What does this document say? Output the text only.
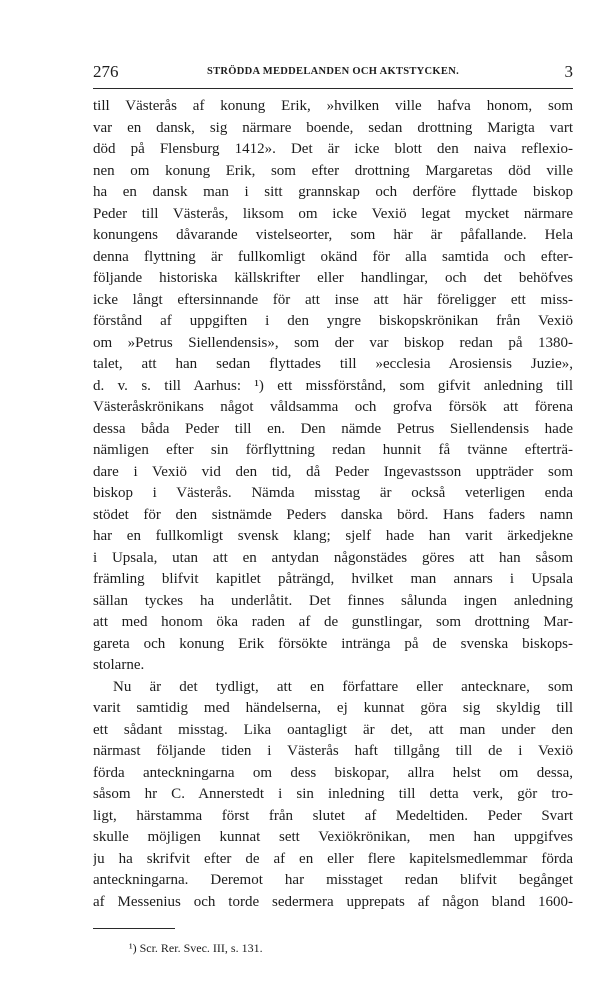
276	STRÖDDA MEDDELANDEN OCH AKTSTYCKEN.	3
till Västerås af konung Erik, »hvilken ville hafva honom, som
var en dansk, sig närmare boende, sedan drottning Marigta vart
död på Flensburg 1412». Det är icke blott den naiva reflexio-
nen om konung Erik, som efter drottning Margaretas död ville
ha en dansk man i sitt grannskap och derföre flyttade biskop
Peder till Västerås, liksom om icke Vexiö legat mycket närmare
konungens dåvarande vistelseorter, som här är påfallande. Hela
denna flyttning är fullkomligt okänd för alla samtida och efter-
följande historiska källskrifter eller handlingar, och det behöfves
icke långt eftersinnande för att inse att här föreligger ett miss-
förstånd af uppgiften i den yngre biskopskrönikan från Vexiö
om »Petrus Siellendensis», som der var biskop redan på 1380-
talet, att han sedan flyttades till »ecclesia Arosiensis Juzie»,
d. v. s. till Aarhus: ¹) ett missförstånd, som gifvit anledning till
Västeråskrönikans något våldsamma och grofva försök att förena
dessa båda Peder till en. Den nämde Petrus Siellendensis hade
nämligen efter sin förflyttning redan hunnit få tvänne efterträ-
dare i Vexiö vid den tid, då Peder Ingevastsson uppträder som
biskop i Västerås. Nämda misstag är också veterligen enda
stödet för den sistnämde Peders danska börd. Hans faders namn
har en fullkomligt svensk klang; sjelf hade han varit ärkedjekne
i Upsala, utan att en antydan någonstädes göres att han såsom
främling blifvit kapitlet påträngd, hvilket man annars i Upsala
sällan tyckes ha underlåtit. Det finnes sålunda ingen anledning
att med honom öka raden af de gunstlingar, som drottning Mar-
gareta och konung Erik försökte intränga på de svenska biskops-
stolarne.
Nu är det tydligt, att en författare eller antecknare, som
varit samtidig med händelserna, ej kunnat göra sig skyldig till
ett sådant misstag. Lika oantagligt är det, att man under den
närmast följande tiden i Västerås haft tillgång till de i Vexiö
förda anteckningarna om dess biskopar, allra helst om dessa,
såsom hr C. Annerstedt i sin inledning till detta verk, gör tro-
ligt, härstamma först från slutet af Medeltiden. Peder Svart
skulle möjligen kunnat sett Vexiökrönikan, men han uppgifves
ju ha skrifvit efter de af en eller flere kapitelsmedlemmar förda
anteckningarna. Deremot har misstaget redan blifvit begånget
af Messenius och torde sedermera upprepats af någon bland 1600-
¹) Scr. Rer. Svec. III, s. 131.
